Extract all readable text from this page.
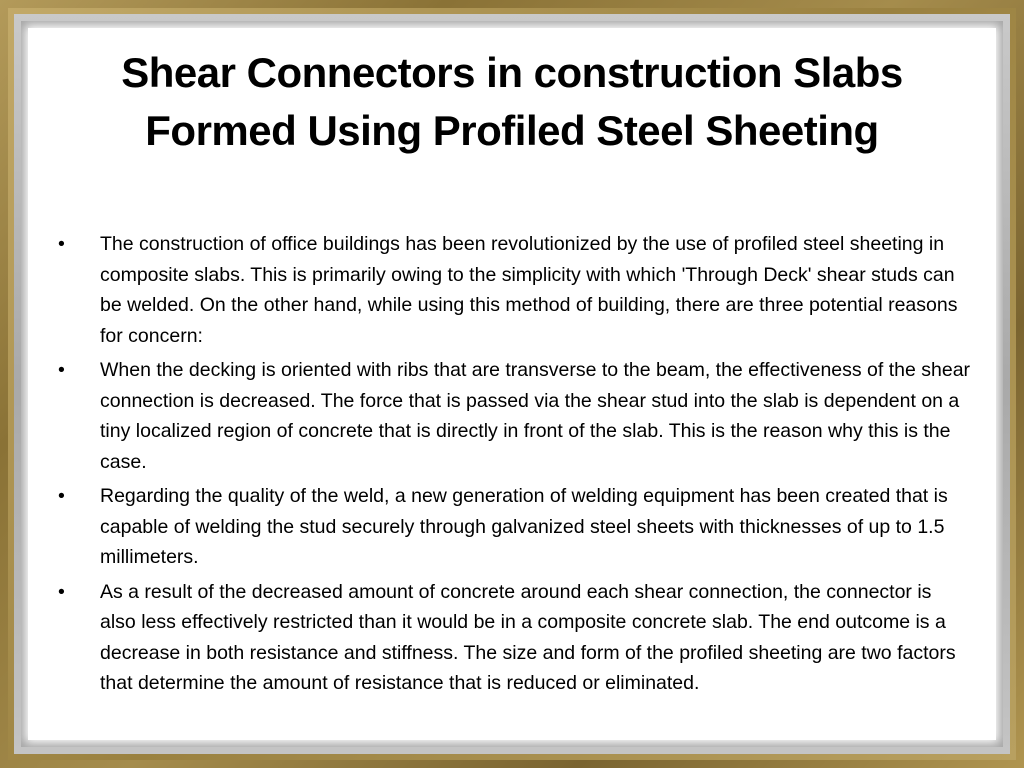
Shear Connectors in construction Slabs
Formed Using Profiled Steel Sheeting
•	The construction of office buildings has been revolutionized by the use of profiled steel sheeting in composite slabs. This is primarily owing to the simplicity with which 'Through Deck' shear studs can be welded. On the other hand, while using this method of building, there are three potential reasons for concern:
•	When the decking is oriented with ribs that are transverse to the beam, the effectiveness of the shear connection is decreased. The force that is passed via the shear stud into the slab is dependent on a tiny localized region of concrete that is directly in front of the slab. This is the reason why this is the case.
•	Regarding the quality of the weld, a new generation of welding equipment has been created that is capable of welding the stud securely through galvanized steel sheets with thicknesses of up to 1.5 millimeters.
•	As a result of the decreased amount of concrete around each shear connection, the connector is also less effectively restricted than it would be in a composite concrete slab. The end outcome is a decrease in both resistance and stiffness. The size and form of the profiled sheeting are two factors that determine the amount of resistance that is reduced or eliminated.
